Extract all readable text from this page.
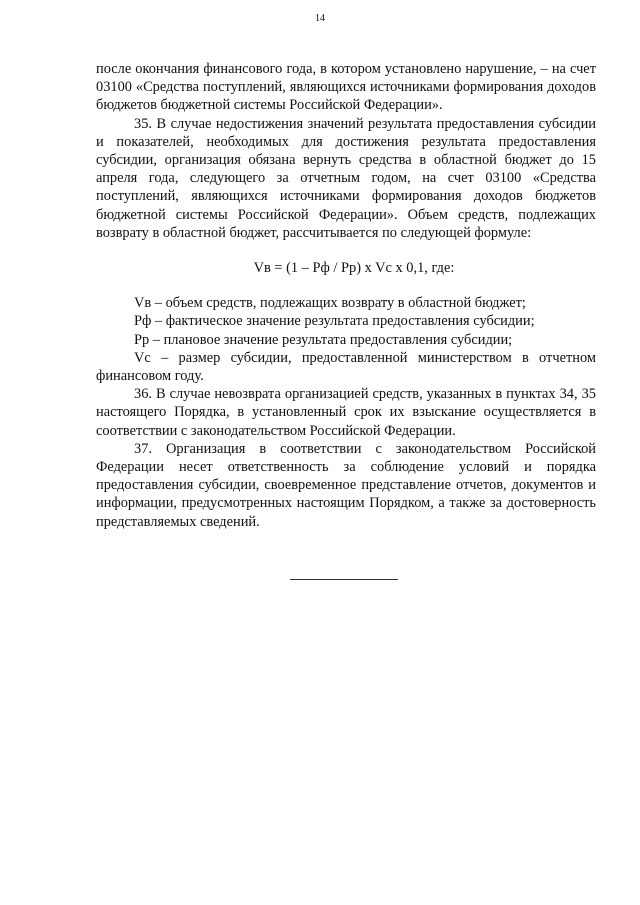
14

после окончания финансового года, в котором установлено нарушение, – на счет 03100 «Средства поступлений, являющихся источниками формирования доходов бюджетов бюджетной системы Российской Федерации».

35. В случае недостижения значений результата предоставления субсидии и показателей, необходимых для достижения результата предоставления субсидии, организация обязана вернуть средства в областной бюджет до 15 апреля года, следующего за отчетным годом, на счет 03100 «Средства поступлений, являющихся источниками формирования доходов бюджетов бюджетной системы Российской Федерации». Объем средств, подлежащих возврату в областной бюджет, рассчитывается по следующей формуле:

Vв = (1 – Рф / Рр) x Vс x 0,1, где:

Vв – объем средств, подлежащих возврату в областной бюджет;

Рф – фактическое значение результата предоставления субсидии;

Рр – плановое значение результата предоставления субсидии;

Vс – размер субсидии, предоставленной министерством в отчетном финансовом году.

36. В случае невозврата организацией средств, указанных в пунктах 34, 35 настоящего Порядка, в установленный срок их взыскание осуществляется в соответствии с законодательством Российской Федерации.

37. Организация в соответствии с законодательством Российской Федерации несет ответственность за соблюдение условий и порядка предоставления субсидии, своевременное представление отчетов, документов и информации, предусмотренных настоящим Порядком, а также за достоверность представляемых сведений.
